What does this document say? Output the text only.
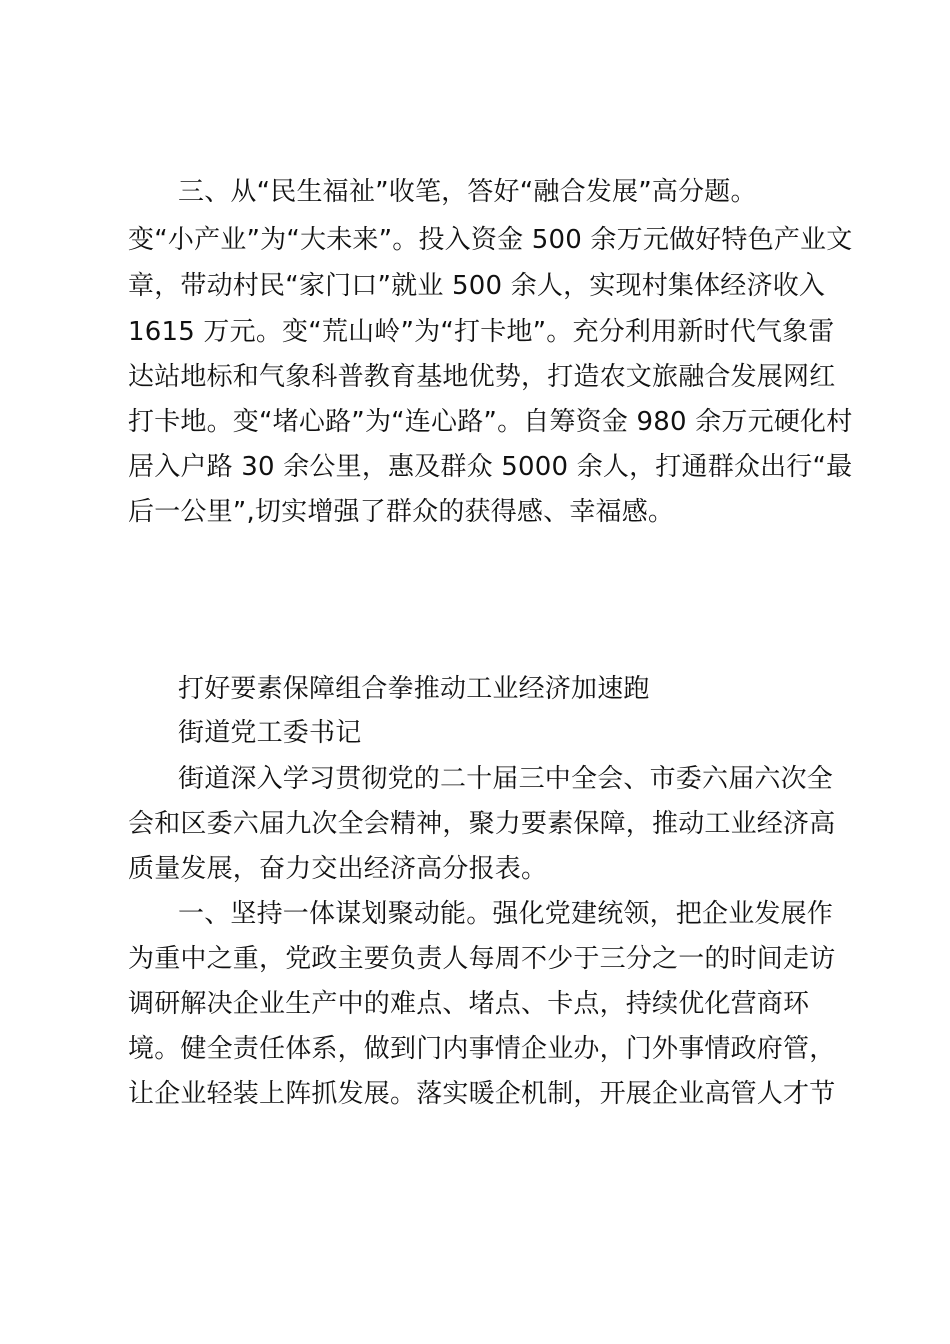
三、从“民生福祉”收笔，答好“融合发展”高分题。
变“小产业”为“大未来”。投入资金 500 余万元做好特色产业文
章，带动村民“家门口”就业 500 余人，实现村集体经济收入
1615 万元。变“荒山岭”为“打卡地”。充分利用新时代气象雷
达站地标和气象科普教育基地优势，打造农文旅融合发展网红
打卡地。变“堵心路”为“连心路”。自筹资金 980 余万元硬化村
居入户路 30 余公里，惠及群众 5000 余人，打通群众出行“最
后一公里”,切实增强了群众的获得感、幸福感。
打好要素保障组合拳推动工业经济加速跑
街道党工委书记
街道深入学习贯彻党的二十届三中全会、市委六届六次全
会和区委六届九次全会精神，聚力要素保障，推动工业经济高
质量发展，奋力交出经济高分报表。
一、坚持一体谋划聚动能。强化党建统领，把企业发展作
为重中之重，党政主要负责人每周不少于三分之一的时间走访
调研解决企业生产中的难点、堵点、卡点，持续优化营商环
境。健全责任体系，做到门内事情企业办，门外事情政府管，
让企业轻装上阵抓发展。落实暖企机制，开展企业高管人才节
